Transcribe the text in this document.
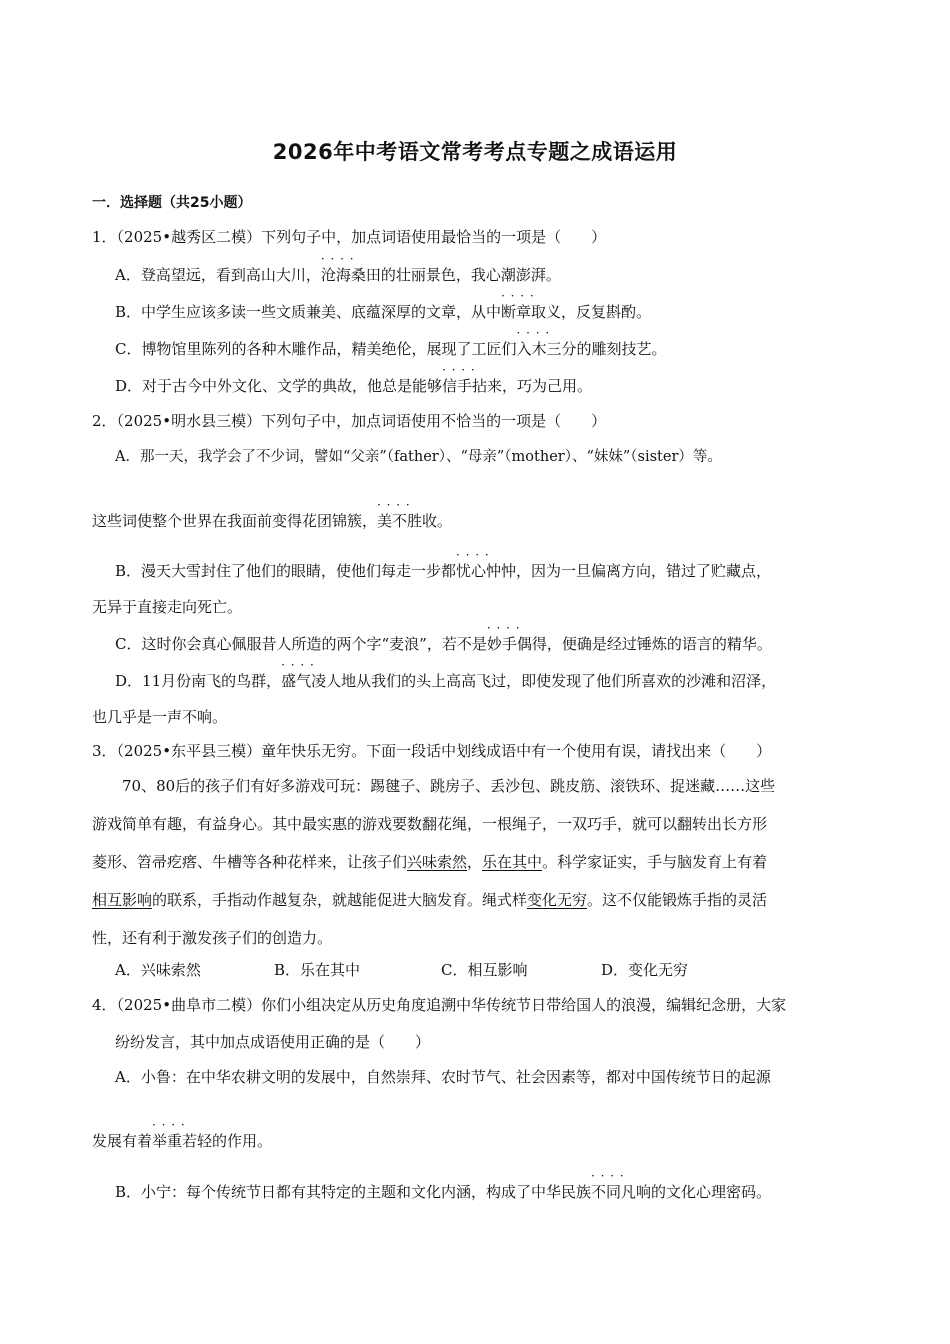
2026年中考语文常考考点专题之成语运用
一．选择题（共25小题）
1．（2025•越秀区二模）下列句子中，加点词语使用最恰当的一项是（　　）
A．登高望远，看到高山大川，· · · · 沧海桑田的壮丽景色，我心潮澎湃。
B．中学生应该多读一些文质兼美、底蕴深厚的文章，从中· · · · 断章取义，反复斟酌。
C．博物馆里陈列的各种木雕作品，精美绝伦，展现了工匠们· · · · 入木三分的雕刻技艺。
D．对于古今中外文化、文学的典故，他总是能够· · · · 信手拈来，巧为己用。
2．（2025•明水县三模）下列句子中，加点词语使用不恰当的一项是（　　）
A．那一天，我学会了不少词，譬如“父亲”（father）、“母亲”（mother）、“妹妹”（sister）等。
这些词使整个世界在我面前变得花团锦簇，· · · · 美不胜收。
B．漫天大雪封住了他们的眼睛，使他们每走一步都· · · · 忧心忡忡，因为一旦偏离方向，错过了贮藏点，
无异于直接走向死亡。
C．这时你会真心佩服昔人所造的两个字“麦浪”，若不是· · · · 妙手偶得，便确是经过锤炼的语言的精华。
D．11月份南飞的鸟群，· · · · 盛气凌人地从我们的头上高高飞过，即使发现了他们所喜欢的沙滩和沼泽，
也几乎是一声不响。
3．（2025•东平县三模）童年快乐无穷。下面一段话中划线成语中有一个使用有误，请找出来（　　）
70、80后的孩子们有好多游戏可玩：踢毽子、跳房子、丢沙包、跳皮筋、滚铁环、捉迷藏……这些
游戏简单有趣，有益身心。其中最实惠的游戏要数翻花绳，一根绳子，一双巧手，就可以翻转出长方形
菱形、笤帚疙瘩、牛槽等各种花样来，让孩子们兴味索然，乐在其中。科学家证实，手与脑发育上有着
相互影响的联系，手指动作越复杂，就越能促进大脑发育。绳式样变化无穷。这不仅能锻炼手指的灵活
性，还有利于激发孩子们的创造力。
A．兴味索然	B．乐在其中	C．相互影响	D．变化无穷
4．（2025•曲阜市二模）你们小组决定从历史角度追溯中华传统节日带给国人的浪漫，编辑纪念册，大家
纷纷发言，其中加点成语使用正确的是（　　）
A．小鲁：在中华农耕文明的发展中，自然崇拜、农时节气、社会因素等，都对中国传统节日的起源
发展有着· · · · 举重若轻的作用。
B．小宁：每个传统节日都有其特定的主题和文化内涵，构成了中华民族· · · · 不同凡响的文化心理密码。
